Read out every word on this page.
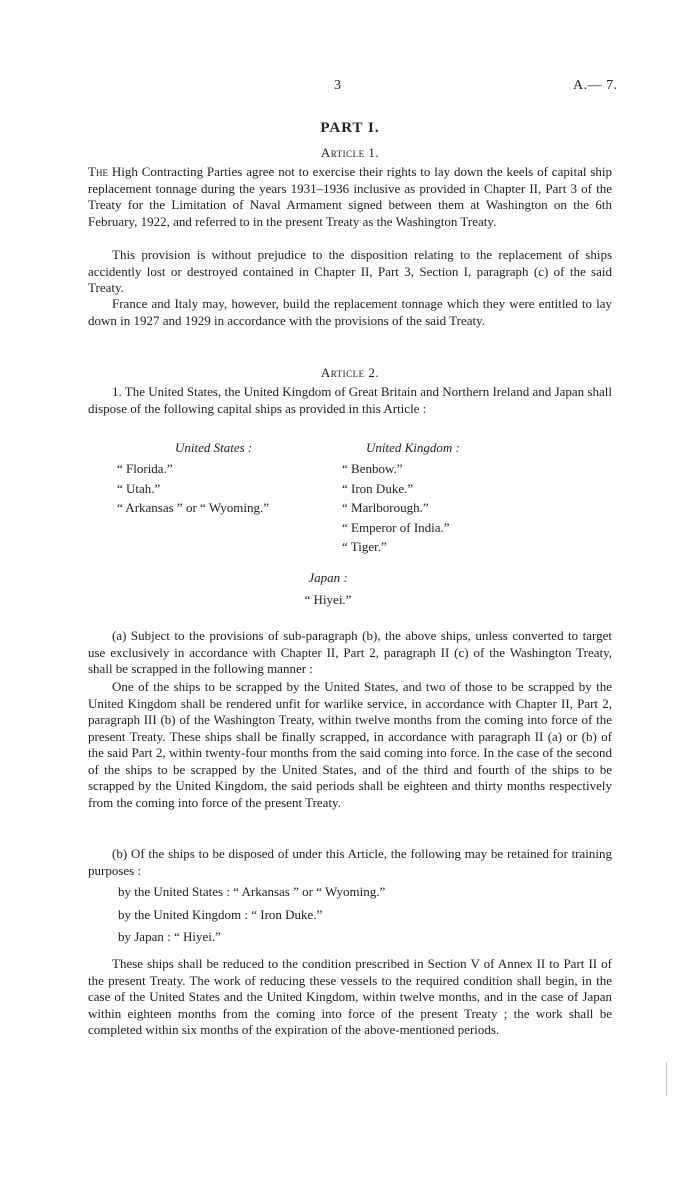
3	A.— 7.
PART I.
Article 1.

The High Contracting Parties agree not to exercise their rights to lay down the keels of capital ship replacement tonnage during the years 1931–1936 inclusive as provided in Chapter II, Part 3 of the Treaty for the Limitation of Naval Armament signed between them at Washington on the 6th February, 1922, and referred to in the present Treaty as the Washington Treaty.

This provision is without prejudice to the disposition relating to the replacement of ships accidently lost or destroyed contained in Chapter II, Part 3, Section I, paragraph (c) of the said Treaty.

France and Italy may, however, build the replacement tonnage which they were entitled to lay down in 1927 and 1929 in accordance with the provisions of the said Treaty.

Article 2.

1. The United States, the United Kingdom of Great Britain and Northern Ireland and Japan shall dispose of the following capital ships as provided in this Article :

United States :	United Kingdom :
“ Florida.”
“ Utah.”
“ Arkansas ” or “ Wyoming.”
“ Benbow.”
“ Iron Duke.”
“ Marlborough.”
“ Emperor of India.”
“ Tiger.”
Japan :
“ Hiyei.”

(a) Subject to the provisions of sub-paragraph (b), the above ships, unless converted to target use exclusively in accordance with Chapter II, Part 2, paragraph II (c) of the Washington Treaty, shall be scrapped in the following manner :

One of the ships to be scrapped by the United States, and two of those to be scrapped by the United Kingdom shall be rendered unfit for warlike service, in accordance with Chapter II, Part 2, paragraph III (b) of the Washington Treaty, within twelve months from the coming into force of the present Treaty. These ships shall be finally scrapped, in accordance with paragraph II (a) or (b) of the said Part 2, within twenty-four months from the said coming into force. In the case of the second of the ships to be scrapped by the United States, and of the third and fourth of the ships to be scrapped by the United Kingdom, the said periods shall be eighteen and thirty months respectively from the coming into force of the present Treaty.

(b) Of the ships to be disposed of under this Article, the following may be retained for training purposes :

by the United States : “ Arkansas ” or “ Wyoming.”
by the United Kingdom : “ Iron Duke.”
by Japan : “ Hiyei.”

These ships shall be reduced to the condition prescribed in Section V of Annex II to Part II of the present Treaty. The work of reducing these vessels to the required condition shall begin, in the case of the United States and the United Kingdom, within twelve months, and in the case of Japan within eighteen months from the coming into force of the present Treaty ; the work shall be completed within six months of the expiration of the above-mentioned periods.
